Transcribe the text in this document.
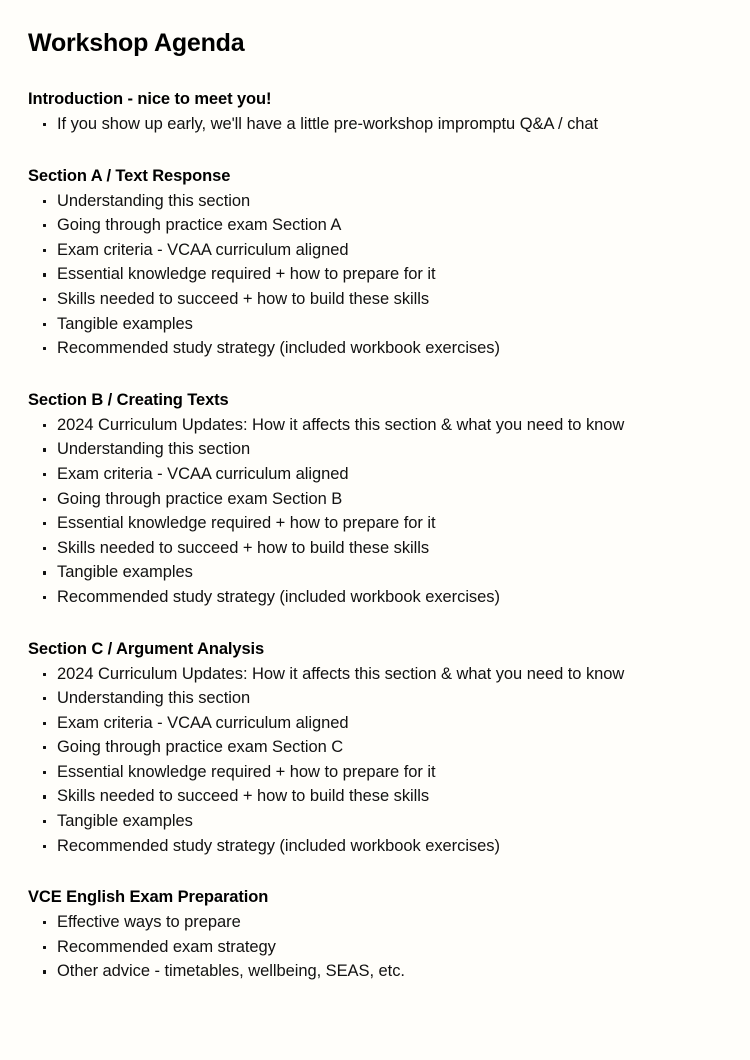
Workshop Agenda
Introduction - nice to meet you!
If you show up early, we'll have a little pre-workshop impromptu Q&A / chat
Section A / Text Response
Understanding this section
Going through practice exam Section A
Exam criteria - VCAA curriculum aligned
Essential knowledge required + how to prepare for it
Skills needed to succeed + how to build these skills
Tangible examples
Recommended study strategy (included workbook exercises)
Section B / Creating Texts
2024 Curriculum Updates: How it affects this section & what you need to know
Understanding this section
Exam criteria - VCAA curriculum aligned
Going through practice exam Section B
Essential knowledge required + how to prepare for it
Skills needed to succeed + how to build these skills
Tangible examples
Recommended study strategy (included workbook exercises)
Section C / Argument Analysis
2024 Curriculum Updates: How it affects this section & what you need to know
Understanding this section
Exam criteria - VCAA curriculum aligned
Going through practice exam Section C
Essential knowledge required + how to prepare for it
Skills needed to succeed + how to build these skills
Tangible examples
Recommended study strategy (included workbook exercises)
VCE English Exam Preparation
Effective ways to prepare
Recommended exam strategy
Other advice - timetables, wellbeing, SEAS, etc.
